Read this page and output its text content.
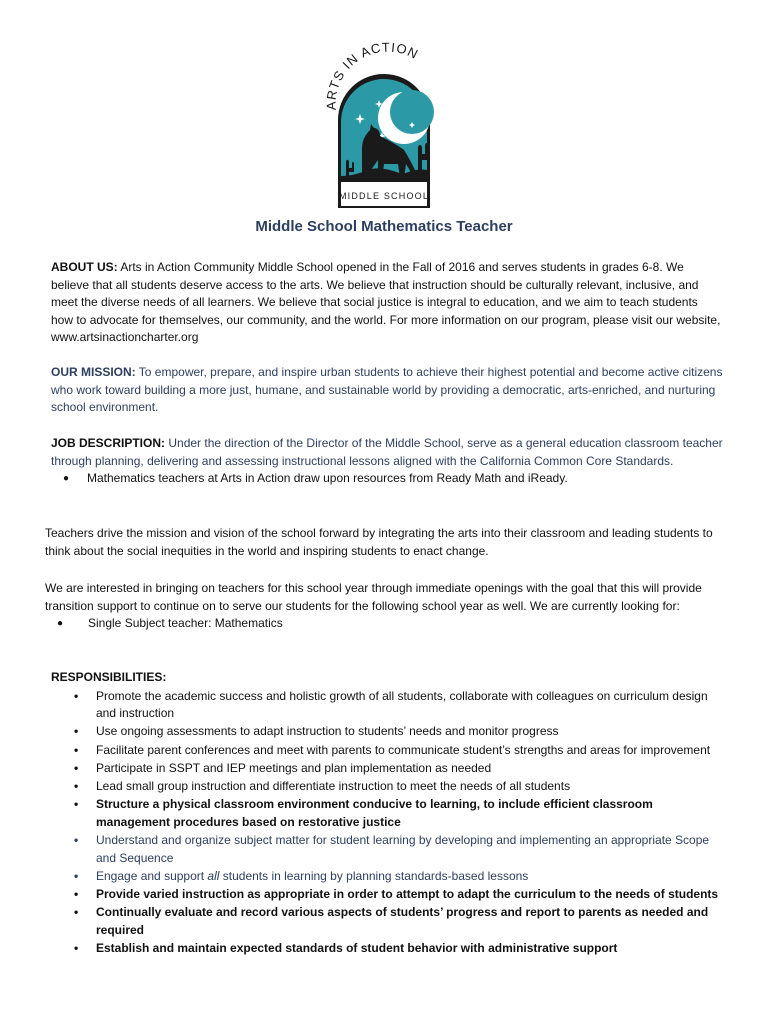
ARTS IN ACTION
MIDDLE SCHOOL
Middle School Mathematics Teacher
ABOUT US: Arts in Action Community Middle School opened in the Fall of 2016 and serves students in grades 6-8. We believe that all students deserve access to the arts. We believe that instruction should be culturally relevant, inclusive, and meet the diverse needs of all learners. We believe that social justice is integral to education, and we aim to teach students how to advocate for themselves, our community, and the world. For more information on our program, please visit our website, www.artsinactioncharter.org
OUR MISSION: To empower, prepare, and inspire urban students to achieve their highest potential and become active citizens who work toward building a more just, humane, and sustainable world by providing a democratic, arts-enriched, and nurturing school environment.
JOB DESCRIPTION: Under the direction of the Director of the Middle School, serve as a general education classroom teacher through planning, delivering and assessing instructional lessons aligned with the California Common Core Standards.
● Mathematics teachers at Arts in Action draw upon resources from Ready Math and iReady.
Teachers drive the mission and vision of the school forward by integrating the arts into their classroom and leading students to think about the social inequities in the world and inspiring students to enact change.
We are interested in bringing on teachers for this school year through immediate openings with the goal that this will provide transition support to continue on to serve our students for the following school year as well. We are currently looking for:
● Single Subject teacher: Mathematics
RESPONSIBILITIES:
• Promote the academic success and holistic growth of all students, collaborate with colleagues on curriculum design and instruction
• Use ongoing assessments to adapt instruction to students’ needs and monitor progress
• Facilitate parent conferences and meet with parents to communicate student’s strengths and areas for improvement
• Participate in SSPT and IEP meetings and plan implementation as needed
• Lead small group instruction and differentiate instruction to meet the needs of all students
• Structure a physical classroom environment conducive to learning, to include efficient classroom management procedures based on restorative justice
• Understand and organize subject matter for student learning by developing and implementing an appropriate Scope and Sequence
• Engage and support all students in learning by planning standards-based lessons
• Provide varied instruction as appropriate in order to attempt to adapt the curriculum to the needs of students
• Continually evaluate and record various aspects of students’ progress and report to parents as needed and required
• Establish and maintain expected standards of student behavior with administrative support
